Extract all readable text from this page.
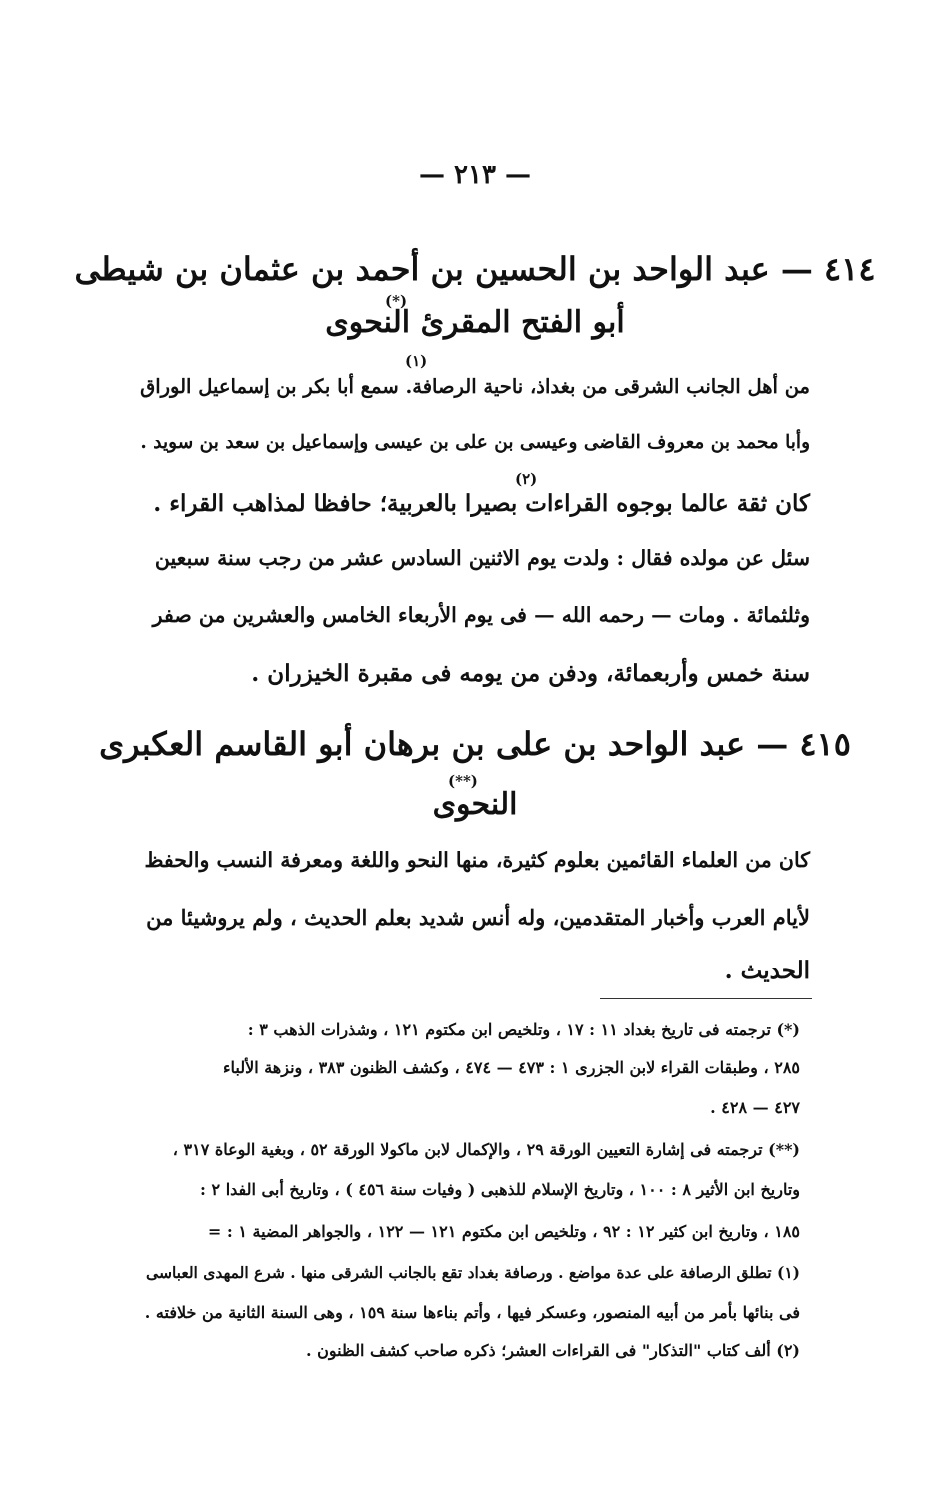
— ٢١٣ —
٤١٤ — عبد الواحد بن الحسين بن أحمد بن عثمان بن شيطى
(*)
أبو الفتح المقرئ النحوى
(١)
من أهل الجانب الشرقى من بغداذ، ناحية الرصافة. سمع أبا بكر بن إسماعيل الوراق
وأبا محمد بن معروف القاضى وعيسى بن على بن عيسى وإسماعيل بن سعد بن سويد .
(٢)
كان ثقة عالما بوجوه القراءات بصيرا بالعربية؛ حافظا لمذاهب القراء .
سئل عن مولده فقال : ولدت يوم الاثنين السادس عشر من رجب سنة سبعين
وثلثمائة . ومات — رحمه الله — فى يوم الأربعاء الخامس والعشرين من صفر
سنة خمس وأربعمائة، ودفن من يومه فى مقبرة الخيزران .
٤١٥ — عبد الواحد بن على بن برهان أبو القاسم العكبرى
(**)
النحوى
كان من العلماء القائمين بعلوم كثيرة، منها النحو واللغة ومعرفة النسب والحفظ
لأيام العرب وأخبار المتقدمين، وله أنس شديد بعلم الحديث ، ولم يروشيئا من
الحديث .
(*) ترجمته فى تاريخ بغداد ١١ : ١٧ ، وتلخيص ابن مكتوم ١٢١ ، وشذرات الذهب ٣ :
٢٨٥ ، وطبقات القراء لابن الجزرى ١ : ٤٧٣ — ٤٧٤ ، وكشف الظنون ٣٨٣ ، ونزهة الألباء
٤٢٧ — ٤٢٨ .
(**) ترجمته فى إشارة التعيين الورقة ٢٩ ، والإكمال لابن ماكولا الورقة ٥٢ ، وبغية الوعاة ٣١٧ ،
وتاريخ ابن الأثير ٨ : ١٠٠ ، وتاريخ الإسلام للذهبى ( وفيات سنة ٤٥٦ ) ، وتاريخ أبى الفدا ٢ :
١٨٥ ، وتاريخ ابن كثير ١٢ : ٩٢ ، وتلخيص ابن مكتوم ١٢١ — ١٢٢ ، والجواهر المضية ١ : =
(١) تطلق الرصافة على عدة مواضع . ورصافة بغداد تقع بالجانب الشرقى منها . شرع المهدى العباسى
فى بنائها بأمر من أبيه المنصور، وعسكر فيها ، وأتم بناءها سنة ١٥٩ ، وهى السنة الثانية من خلافته .
(٢) ألف كتاب "التذكار" فى القراءات العشر؛ ذكره صاحب كشف الظنون .
